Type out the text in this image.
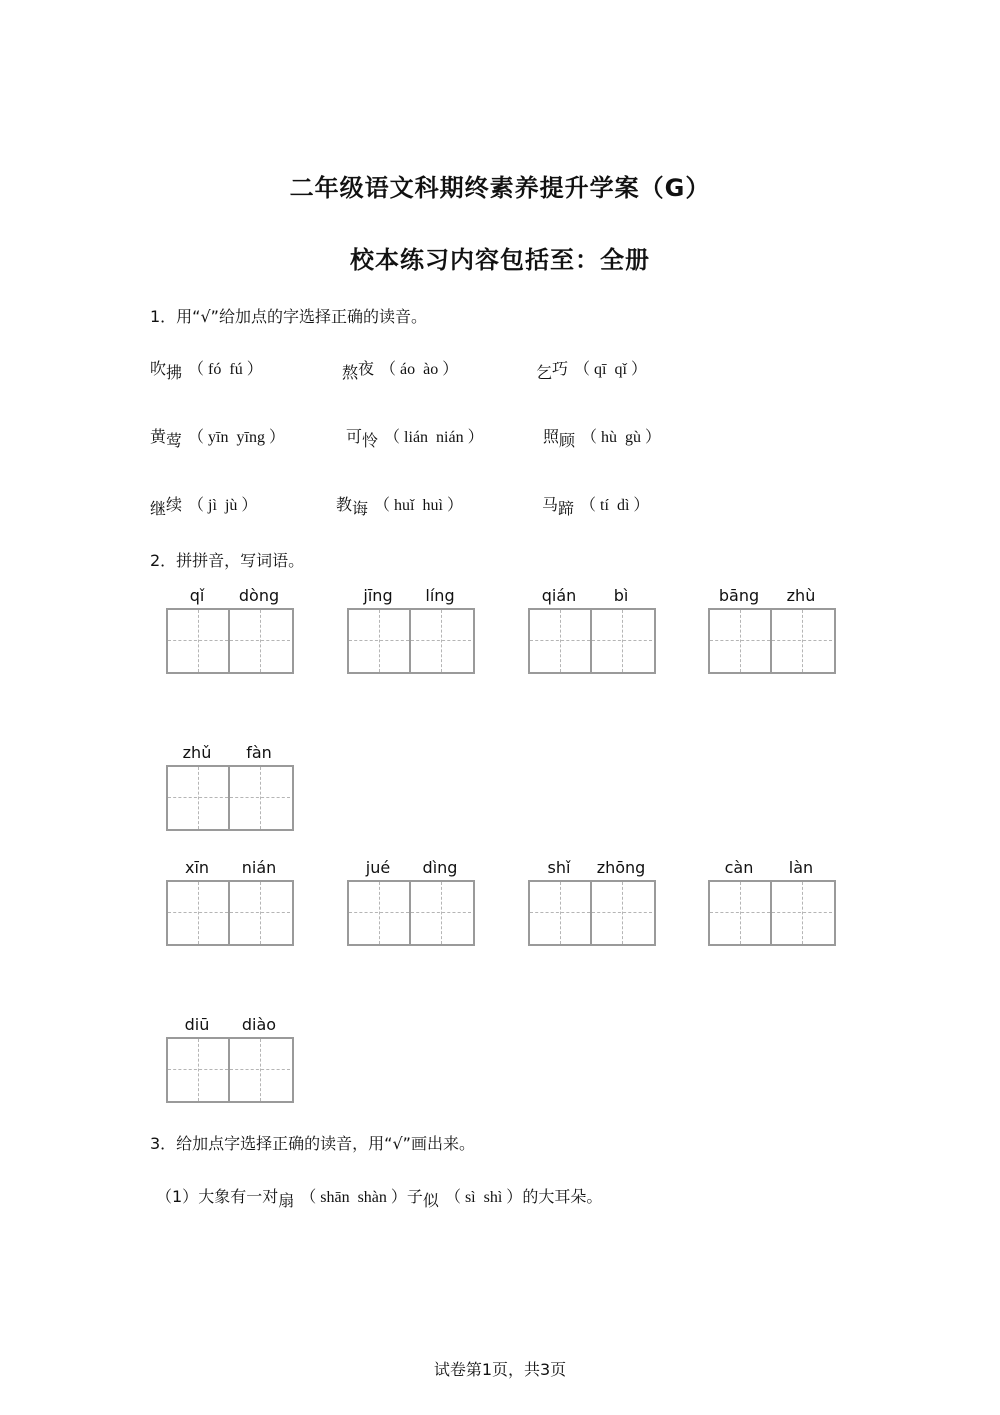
二年级语文科期终素养提升学案（G）
校本练习内容包括至：全册
1．用“√”给加点的字选择正确的读音。
吹拂 （ fó fú ）	熬夜 （ áo ào ）	乞巧 （ qī qǐ ）
黄莺 （ yīn yīng ）	可怜 （ lián nián ）	照顾 （ hù gù ）
继续 （ jì jù ）	教诲 （ huǐ huì ）	马蹄 （ tí dì ）
2．拼拼音，写词语。
qǐ	dòng	jīng	líng	qián	bì	bāng	zhù
zhǔ	fàn
xīn	nián	jué	dìng	shǐ	zhōng	càn	làn
diū	diào
3．给加点字选择正确的读音，用“√”画出来。
（1）大象有一对扇 （ shān shàn ）子似 （ sì shì ）的大耳朵。
试卷第1页，共3页
